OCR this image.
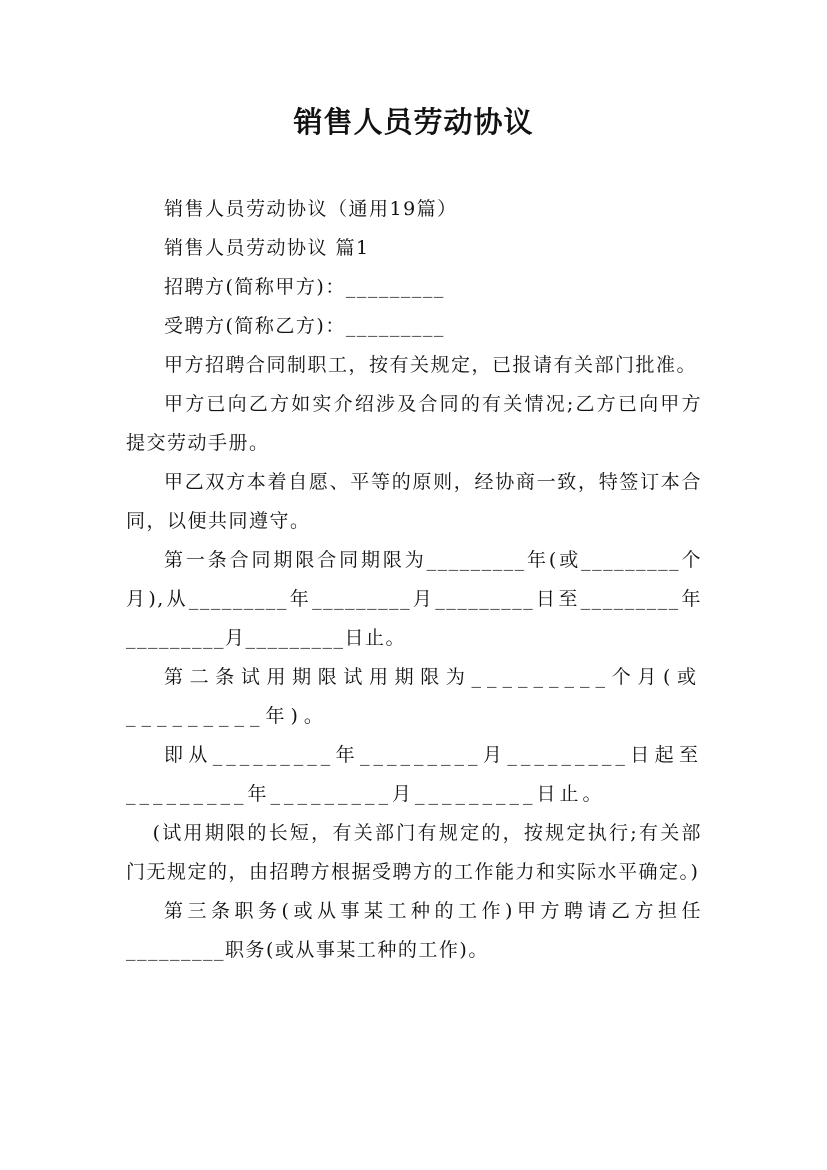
销售人员劳动协议

销售人员劳动协议（通用19篇）

销售人员劳动协议 篇1

招聘方(简称甲方)：_________

受聘方(简称乙方)：_________

甲方招聘合同制职工，按有关规定，已报请有关部门批准。

甲方已向乙方如实介绍涉及合同的有关情况;乙方已向甲方提交劳动手册。

甲乙双方本着自愿、平等的原则，经协商一致，特签订本合同，以便共同遵守。

第一条合同期限合同期限为_________年(或_________个月),从_________年_________月_________日至_________年_________月_________日止。

第二条试用期限试用期限为_________个月(或_________年)。

即从_________年_________月_________日起至_________年_________月_________日止。

(试用期限的长短，有关部门有规定的，按规定执行;有关部门无规定的，由招聘方根据受聘方的工作能力和实际水平确定。)

第三条职务(或从事某工种的工作)甲方聘请乙方担任_________职务(或从事某工种的工作)。
